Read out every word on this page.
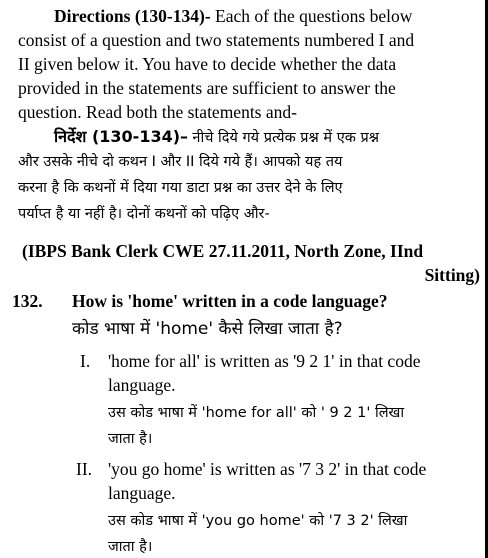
Directions (130-134)- Each of the questions below
consist of a question and two statements numbered I and
II given below it. You have to decide whether the data
provided in the statements are sufficient to answer the
question. Read both the statements and-
निर्देश (130-134)– नीचे दिये गये प्रत्येक प्रश्न में एक प्रश्न
और उसके नीचे दो कथन I और II दिये गये हैं। आपको यह तय
करना है कि कथनों में दिया गया डाटा प्रश्न का उत्तर देने के लिए
पर्याप्त है या नहीं है। दोनों कथनों को पढ़िए और-
(IBPS Bank Clerk CWE 27.11.2011, North Zone, IInd
Sitting)
132. How is 'home' written in a code language?
कोड भाषा में 'home' कैसे लिखा जाता है?
I. 'home for all' is written as '9 2 1' in that code
language.
उस कोड भाषा में 'home for all' को ' 9 2 1' लिखा
जाता है।
II. 'you go home' is written as '7 3 2' in that code
language.
उस कोड भाषा में 'you go home' को '7 3 2' लिखा
जाता है।
